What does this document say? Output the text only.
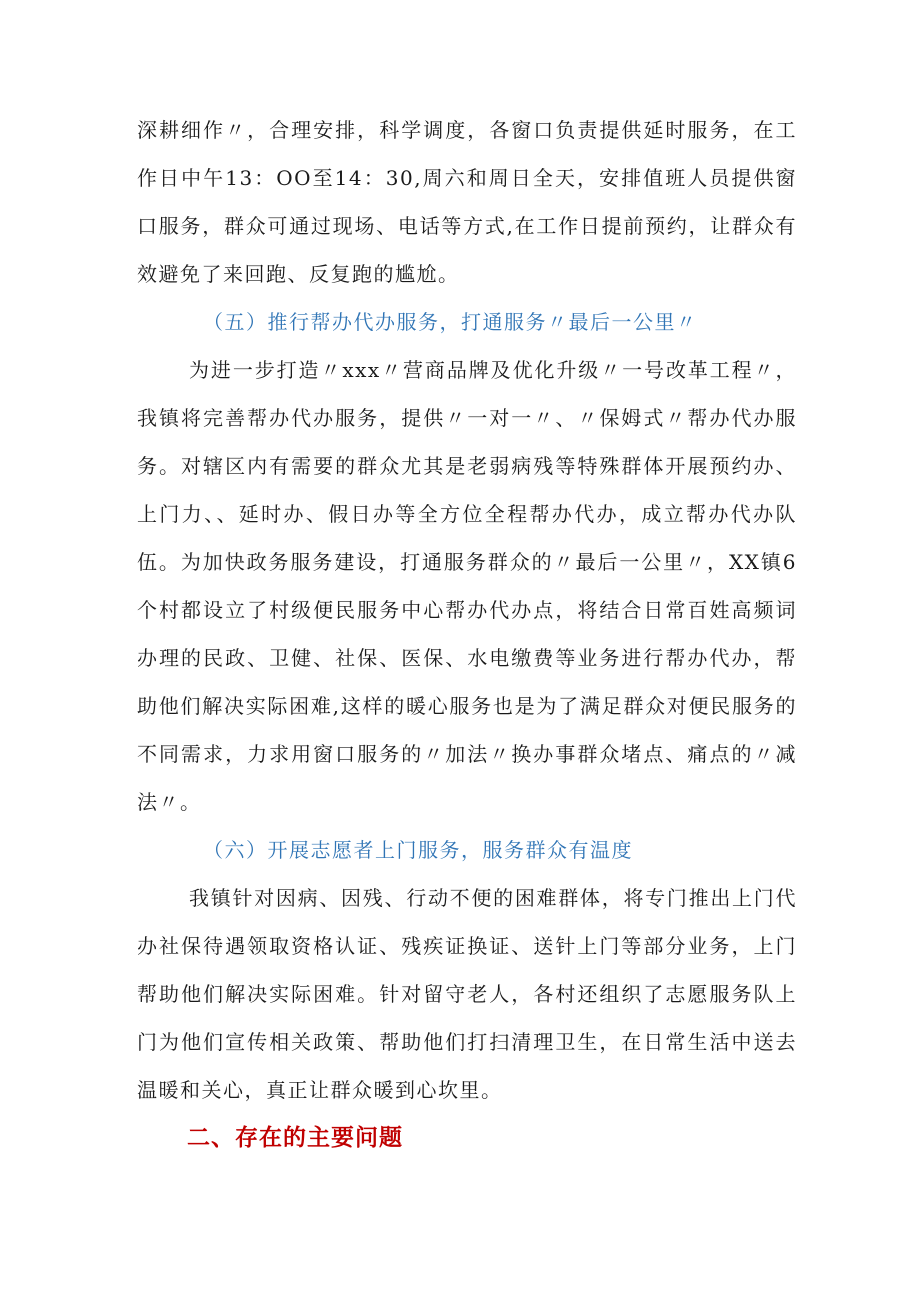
深耕细作〃，合理安排，科学调度，各窗口负责提供延时服务，在工作日中午13：OO至14：30,周六和周日全天，安排值班人员提供窗口服务，群众可通过现场、电话等方式,在工作日提前预约，让群众有效避免了来回跑、反复跑的尴尬。

（五）推行帮办代办服务，打通服务〃最后一公里〃

为进一步打造〃xxx〃营商品牌及优化升级〃一号改革工程〃，我镇将完善帮办代办服务，提供〃一对一〃、〃保姆式〃帮办代办服务。对辖区内有需要的群众尤其是老弱病残等特殊群体开展预约办、上门力、、延时办、假日办等全方位全程帮办代办，成立帮办代办队伍。为加快政务服务建设，打通服务群众的〃最后一公里〃，XX镇6个村都设立了村级便民服务中心帮办代办点，将结合日常百姓高频词办理的民政、卫健、社保、医保、水电缴费等业务进行帮办代办，帮助他们解决实际困难,这样的暖心服务也是为了满足群众对便民服务的不同需求，力求用窗口服务的〃加法〃换办事群众堵点、痛点的〃减法〃。

（六）开展志愿者上门服务，服务群众有温度

我镇针对因病、因残、行动不便的困难群体，将专门推出上门代办社保待遇领取资格认证、残疾证换证、送针上门等部分业务，上门帮助他们解决实际困难。针对留守老人，各村还组织了志愿服务队上门为他们宣传相关政策、帮助他们打扫清理卫生，在日常生活中送去温暖和关心，真正让群众暖到心坎里。

二、存在的主要问题
